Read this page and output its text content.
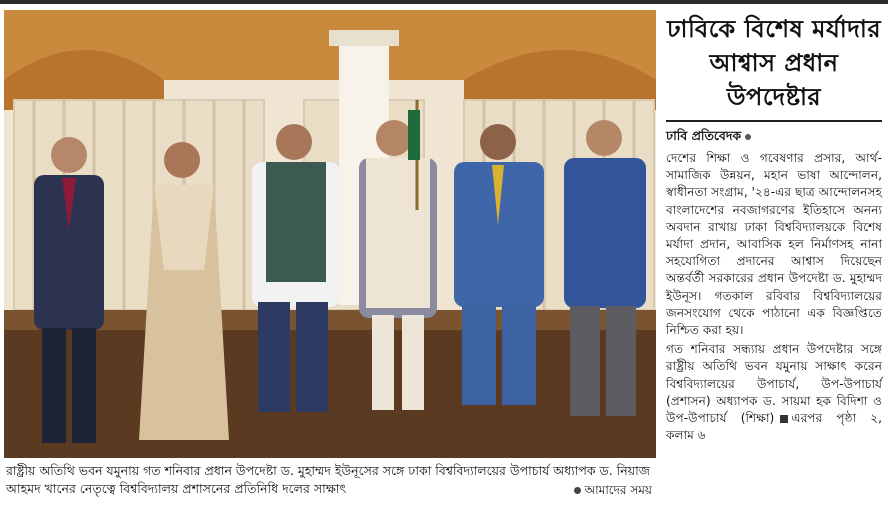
রাষ্ট্রীয় অতিথি ভবন যমুনায় গত শনিবার প্রধান উপদেষ্টা ড. মুহাম্মদ ইউনূসের সঙ্গে ঢাকা বিশ্ববিদ্যালয়ের উপাচার্য অধ্যাপক ড. নিয়াজ আহমদ খানের নেতৃত্বে বিশ্ববিদ্যালয় প্রশাসনের প্রতিনিধি দলের সাক্ষাৎ	আমাদের সময়
ঢাবিকে বিশেষ মর্যাদার আশ্বাস প্রধান উপদেষ্টার
ঢাবি প্রতিবেদক

দেশের শিক্ষা ও গবেষণার প্রসার, আর্থ-সামাজিক উন্নয়ন, মহান ভাষা আন্দোলন, স্বাধীনতা সংগ্রাম, '২৪-এর ছাত্র আন্দোলনসহ বাংলাদেশের নবজাগরণের ইতিহাসে অনন্য অবদান রাখায় ঢাকা বিশ্ববিদ্যালয়কে বিশেষ মর্যাদা প্রদান, আবাসিক হল নির্মাণসহ নানা সহযোগিতা প্রদানের আশ্বাস দিয়েছেন অন্তর্বর্তী সরকারের প্রধান উপদেষ্টা ড. মুহাম্মদ ইউনূস। গতকাল রবিবার বিশ্ববিদ্যালয়ের জনসংযোগ থেকে পাঠানো এক বিজ্ঞপ্তিতে নিশ্চিত করা হয়।

গত শনিবার সন্ধ্যায় প্রধান উপদেষ্টার সঙ্গে রাষ্ট্রীয় অতিথি ভবন যমুনায় সাক্ষাৎ করেন বিশ্ববিদ্যালয়ের উপাচার্য, উপ-উপাচার্য (প্রশাসন) অধ্যাপক ড. সায়মা হক বিদিশা ও উপ-উপাচার্য (শিক্ষা) এরপর পৃষ্ঠা ২, কলাম ৬
